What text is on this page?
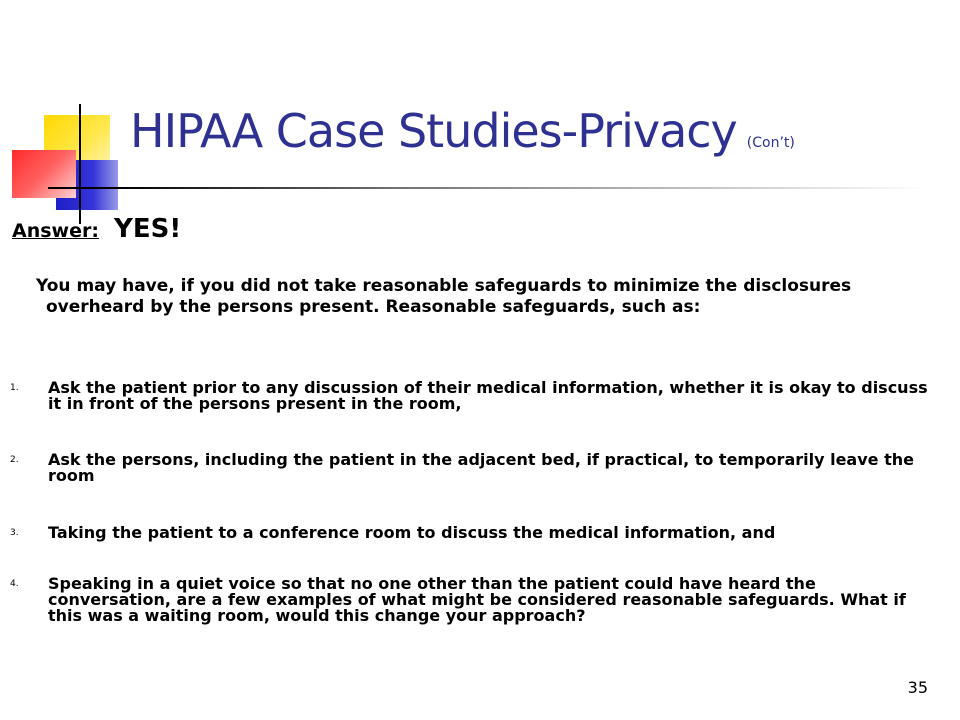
HIPAA Case Studies-Privacy (Con’t)
Answer: YES!
You may have, if you did not take reasonable safeguards to minimize the disclosures overheard by the persons present. Reasonable safeguards, such as:
1. Ask the patient prior to any discussion of their medical information, whether it is okay to discuss it in front of the persons present in the room,
2. Ask the persons, including the patient in the adjacent bed, if practical, to temporarily leave the room
3. Taking the patient to a conference room to discuss the medical information, and
4. Speaking in a quiet voice so that no one other than the patient could have heard the conversation, are a few examples of what might be considered reasonable safeguards. What if this was a waiting room, would this change your approach?
35
